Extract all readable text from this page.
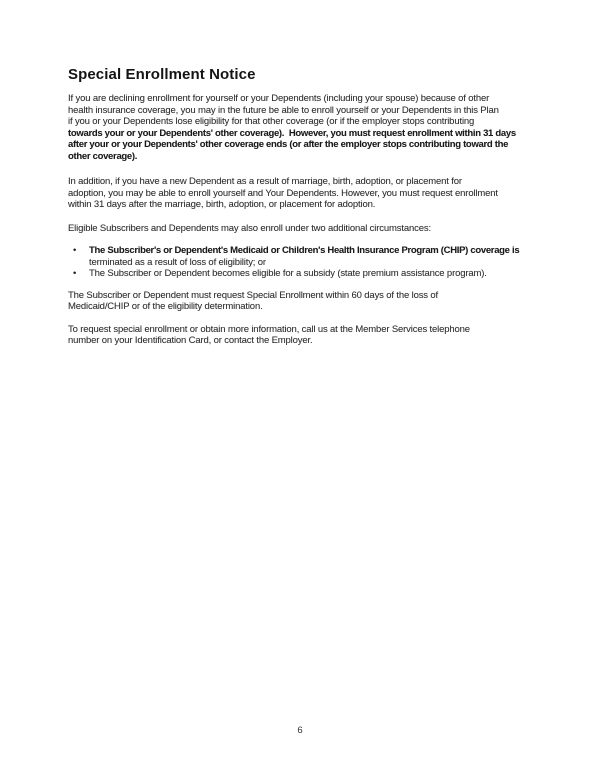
Special Enrollment Notice
If you are declining enrollment for yourself or your Dependents (including your spouse) because of other
health insurance coverage, you may in the future be able to enroll yourself or your Dependents in this Plan
if you or your Dependents lose eligibility for that other coverage (or if the employer stops contributing
towards your or your Dependents' other coverage).  However, you must request enrollment within 31 days
after your or your Dependents' other coverage ends (or after the employer stops contributing toward the
other coverage).
In addition, if you have a new Dependent as a result of marriage, birth, adoption, or placement for
adoption, you may be able to enroll yourself and Your Dependents. However, you must request enrollment
within 31 days after the marriage, birth, adoption, or placement for adoption.
Eligible Subscribers and Dependents may also enroll under two additional circumstances:
•	The Subscriber's or Dependent's Medicaid or Children's Health Insurance Program (CHIP) coverage is
terminated as a result of loss of eligibility; or
•	The Subscriber or Dependent becomes eligible for a subsidy (state premium assistance program).
The Subscriber or Dependent must request Special Enrollment within 60 days of the loss of
Medicaid/CHIP or of the eligibility determination.
To request special enrollment or obtain more information, call us at the Member Services telephone
number on your Identification Card, or contact the Employer.
6
